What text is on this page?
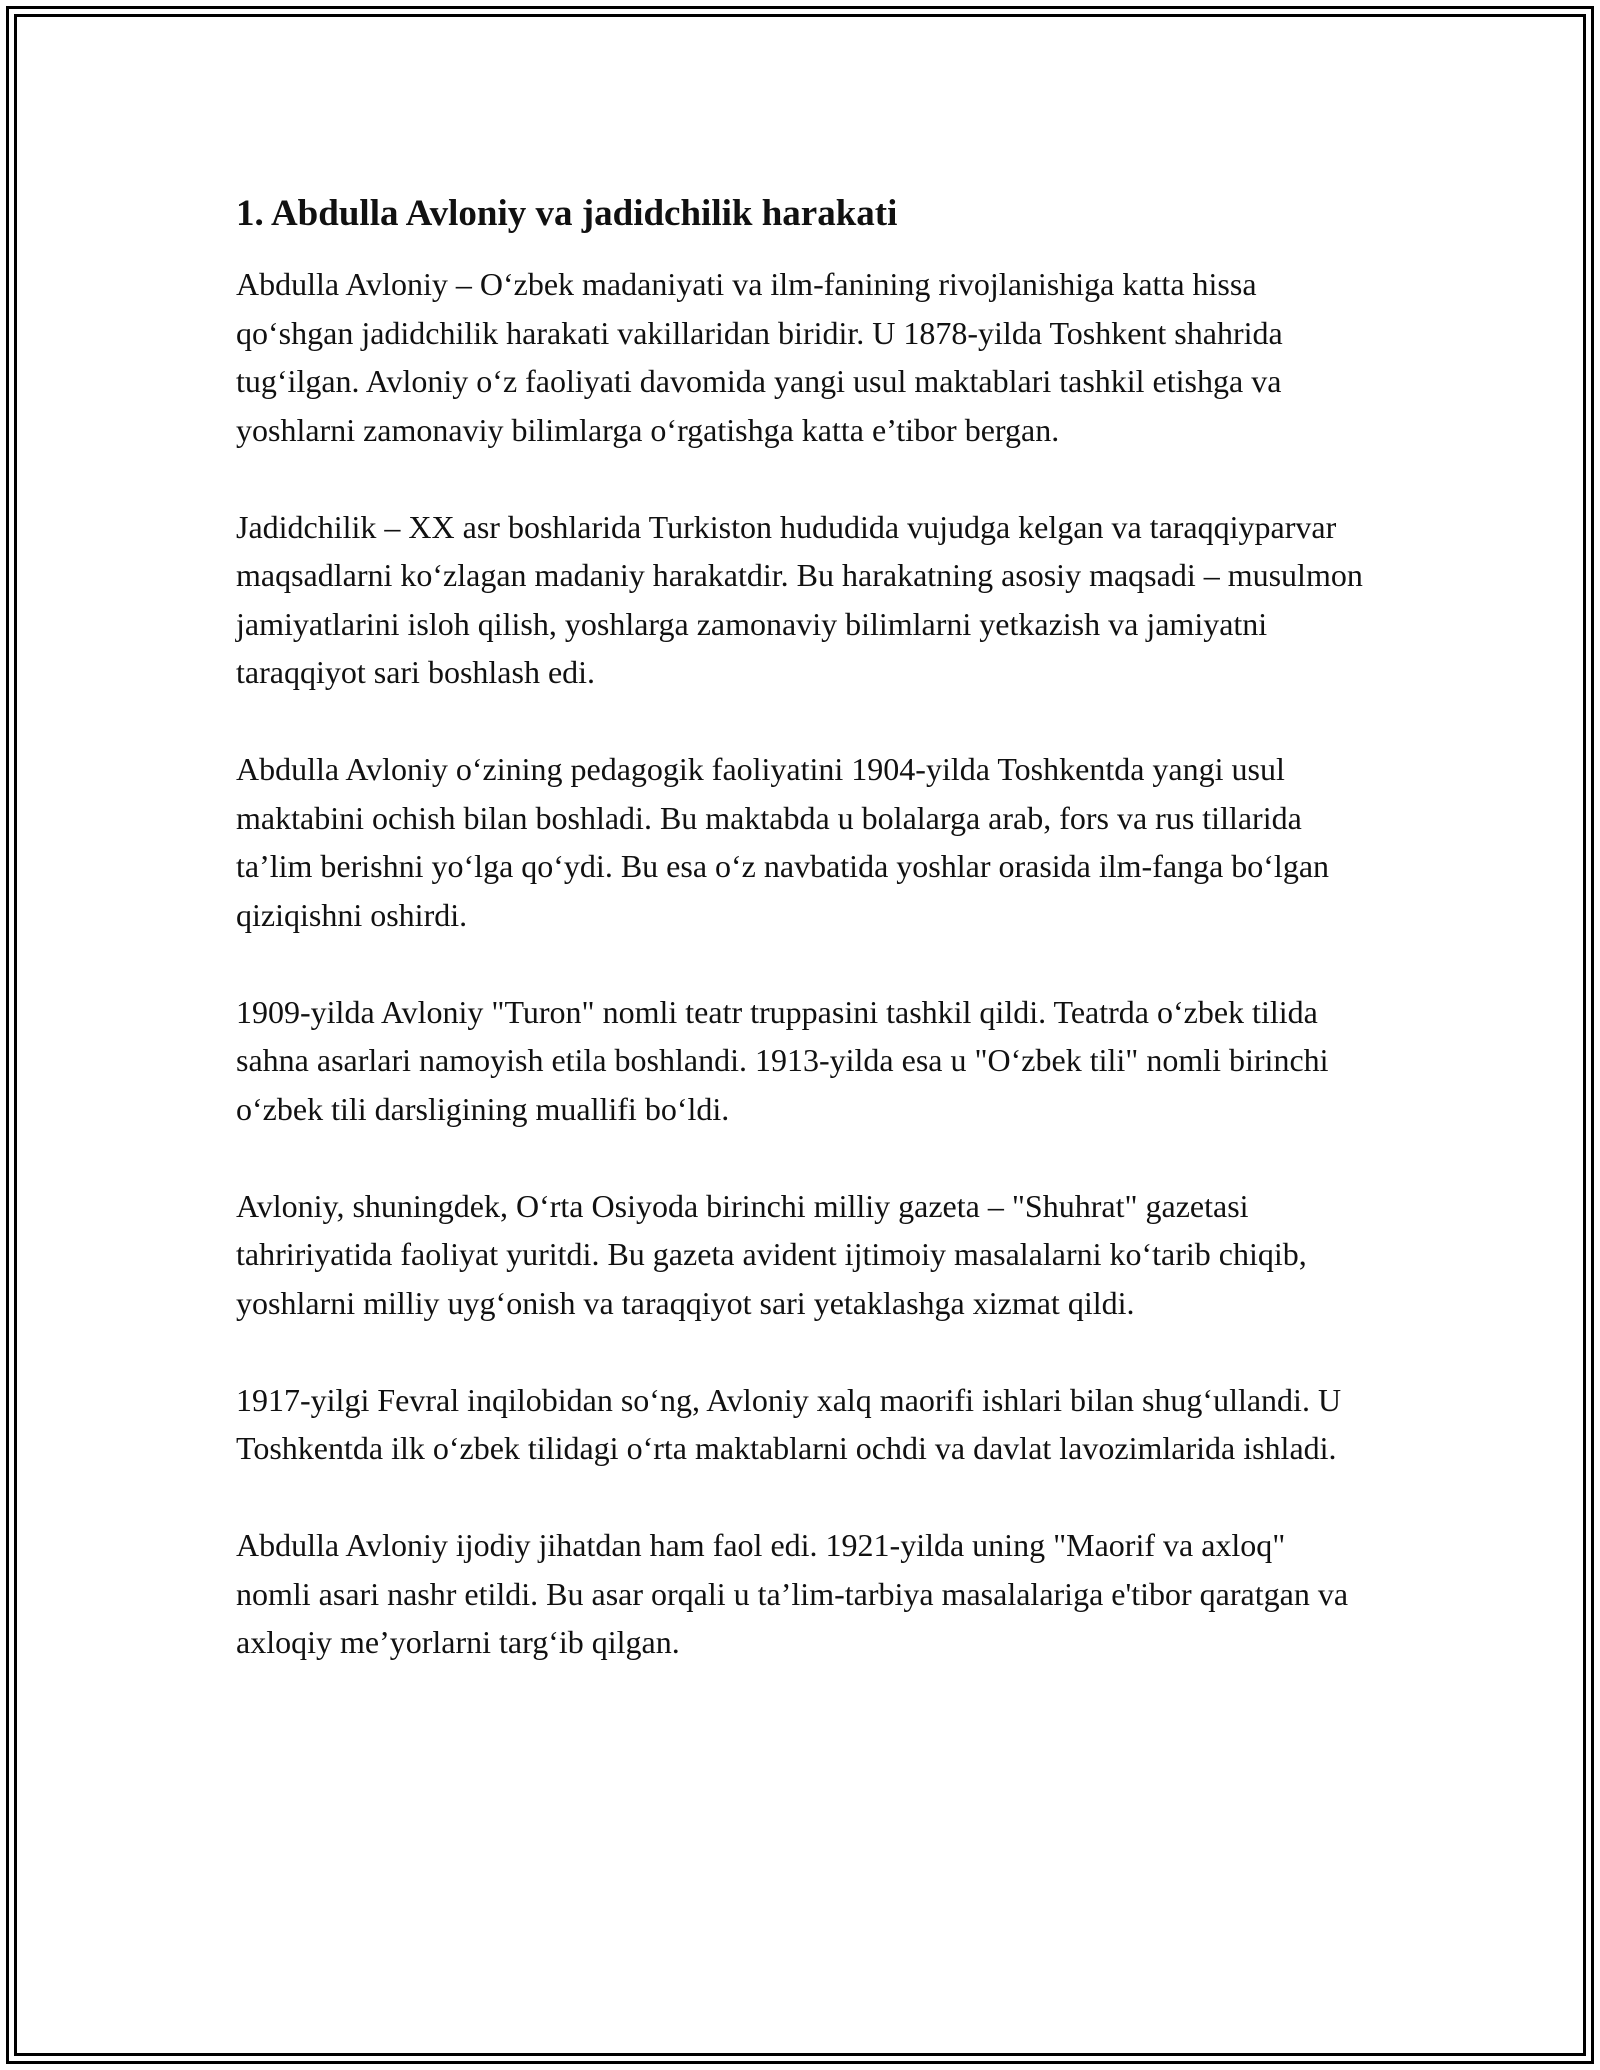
1. Abdulla Avloniy va jadidchilik harakati

Abdulla Avloniy – O‘zbek madaniyati va ilm-fanining rivojlanishiga katta hissa qo‘shgan jadidchilik harakati vakillaridan biridir. U 1878-yilda Toshkent shahrida tug‘ilgan. Avloniy o‘z faoliyati davomida yangi usul maktablari tashkil etishga va yoshlarni zamonaviy bilimlarga o‘rgatishga katta e’tibor bergan.

Jadidchilik – XX asr boshlarida Turkiston hududida vujudga kelgan va taraqqiyparvar maqsadlarni ko‘zlagan madaniy harakatdir. Bu harakatning asosiy maqsadi – musulmon jamiyatlarini isloh qilish, yoshlarga zamonaviy bilimlarni yetkazish va jamiyatni taraqqiyot sari boshlash edi.

Abdulla Avloniy o‘zining pedagogik faoliyatini 1904-yilda Toshkentda yangi usul maktabini ochish bilan boshladi. Bu maktabda u bolalarga arab, fors va rus tillarida ta’lim berishni yo‘lga qo‘ydi. Bu esa o‘z navbatida yoshlar orasida ilm-fanga bo‘lgan qiziqishni oshirdi.

1909-yilda Avloniy "Turon" nomli teatr truppasini tashkil qildi. Teatrda o‘zbek tilida sahna asarlari namoyish etila boshlandi. 1913-yilda esa u "O‘zbek tili" nomli birinchi o‘zbek tili darsligining muallifi bo‘ldi.

Avloniy, shuningdek, O‘rta Osiyoda birinchi milliy gazeta – "Shuhrat" gazetasi tahririyatida faoliyat yuritdi. Bu gazeta avident ijtimoiy masalalarni ko‘tarib chiqib, yoshlarni milliy uyg‘onish va taraqqiyot sari yetaklashga xizmat qildi.

1917-yilgi Fevral inqilobidan so‘ng, Avloniy xalq maorifi ishlari bilan shug‘ullandi. U Toshkentda ilk o‘zbek tilidagi o‘rta maktablarni ochdi va davlat lavozimlarida ishladi.

Abdulla Avloniy ijodiy jihatdan ham faol edi. 1921-yilda uning "Maorif va axloq" nomli asari nashr etildi. Bu asar orqali u ta’lim-tarbiya masalalariga e'tibor qaratgan va axloqiy me’yorlarni targ‘ib qilgan.
